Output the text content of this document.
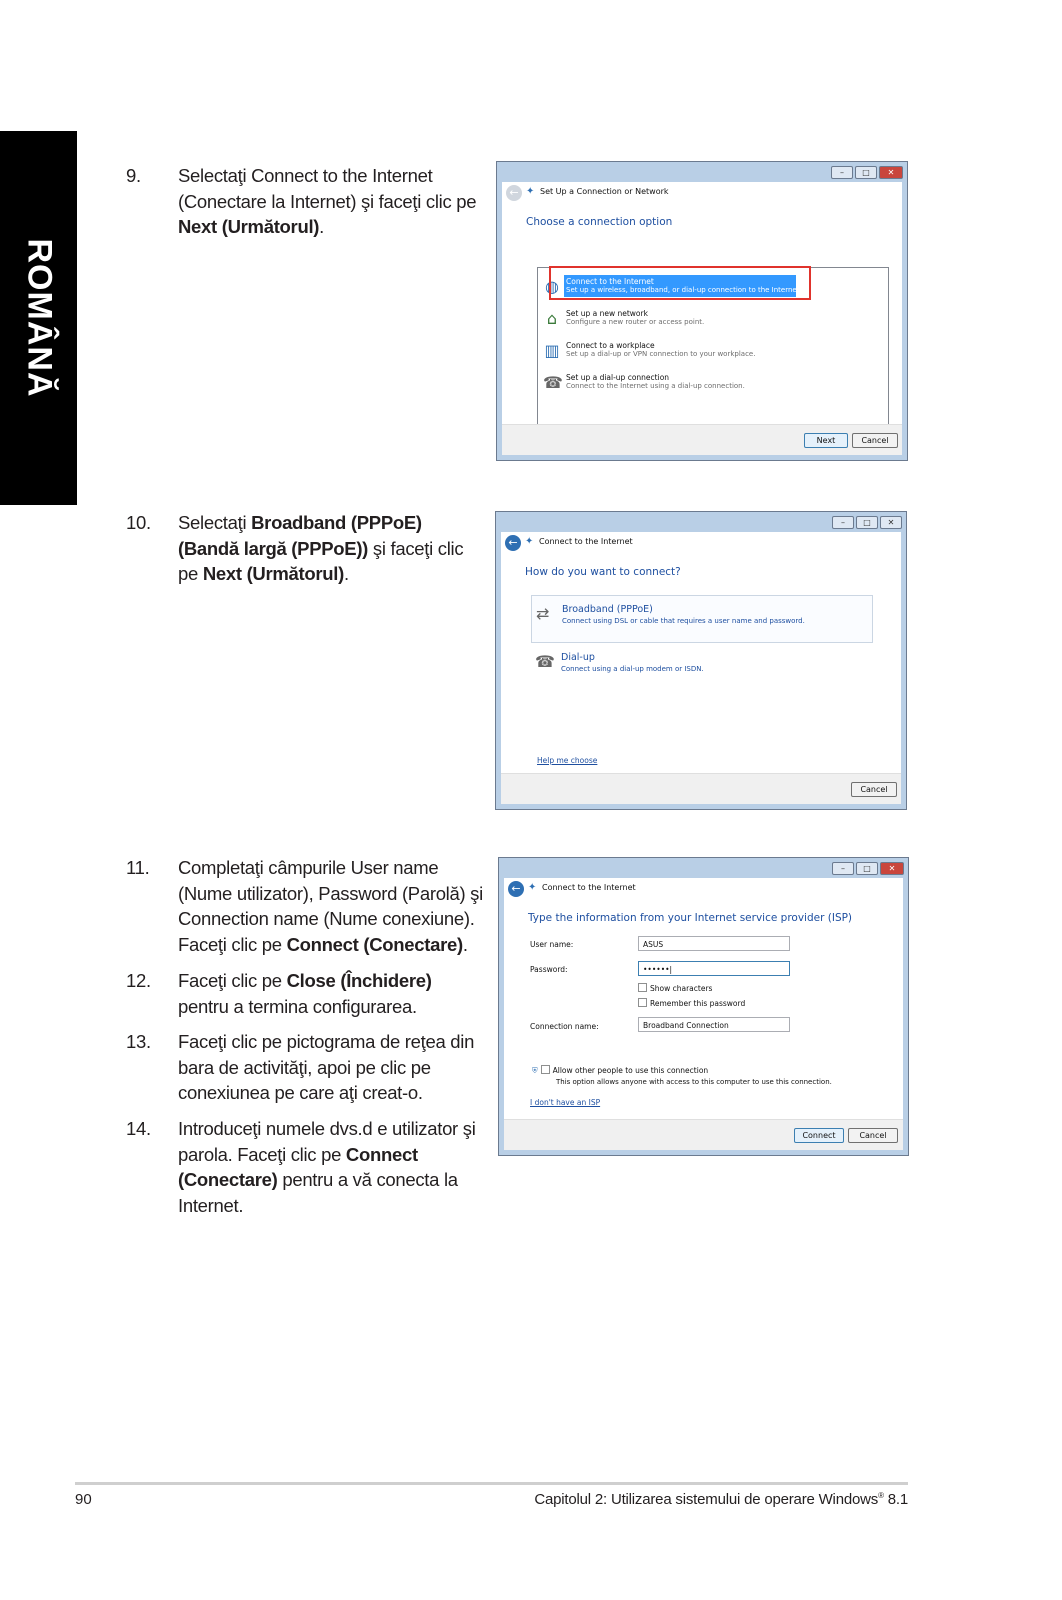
ROMÂNĂ
9.	Selectaţi Connect to the Internet (Conectare la Internet) şi faceţi clic pe Next (Următorul).
10.	Selectaţi Broadband (PPPoE) (Bandă largă (PPPoE)) şi faceţi clic pe Next (Următorul).
11.	Completaţi câmpurile User name (Nume utilizator), Password (Parolă) şi Connection name (Nume conexiune). Faceţi clic pe Connect (Conectare).
12.	Faceţi clic pe Close (Închidere) pentru a termina configurarea.
13.	Faceţi clic pe pictograma de reţea din bara de activităţi, apoi pe clic pe conexiunea pe care aţi creat-o.
14.	Introduceţi numele dvs.d e utilizator şi parola. Faceţi clic pe Connect (Conectare) pentru a vă conecta la Internet.
–	□	✕
← ✦ Set Up a Connection or Network
Choose a connection option
◍ Connect to the Internet
Set up a wireless, broadband, or dial-up connection to the Internet.
⌂	Set up a new network
Configure a new router or access point.
▥ Connect to a workplace
Set up a dial-up or VPN connection to your workplace.
☎ Set up a dial-up connection
Connect to the Internet using a dial-up connection.
Next	Cancel
–	□	✕
← ✦ Connect to the Internet
How do you want to connect?
⇄	Broadband (PPPoE)
Connect using DSL or cable that requires a user name and password.
☎ Dial-up
Connect using a dial-up modem or ISDN.
Help me choose
Cancel
–	□	✕
← ✦ Connect to the Internet
Type the information from your Internet service provider (ISP)
User name:	ASUS
Password:	••••••|
Show characters
Remember this password
Connection name:	Broadband Connection
⛨ Allow other people to use this connection
This option allows anyone with access to this computer to use this connection.
I don't have an ISP
Connect	Cancel
90	Capitolul 2: Utilizarea sistemului de operare Windows® 8.1
